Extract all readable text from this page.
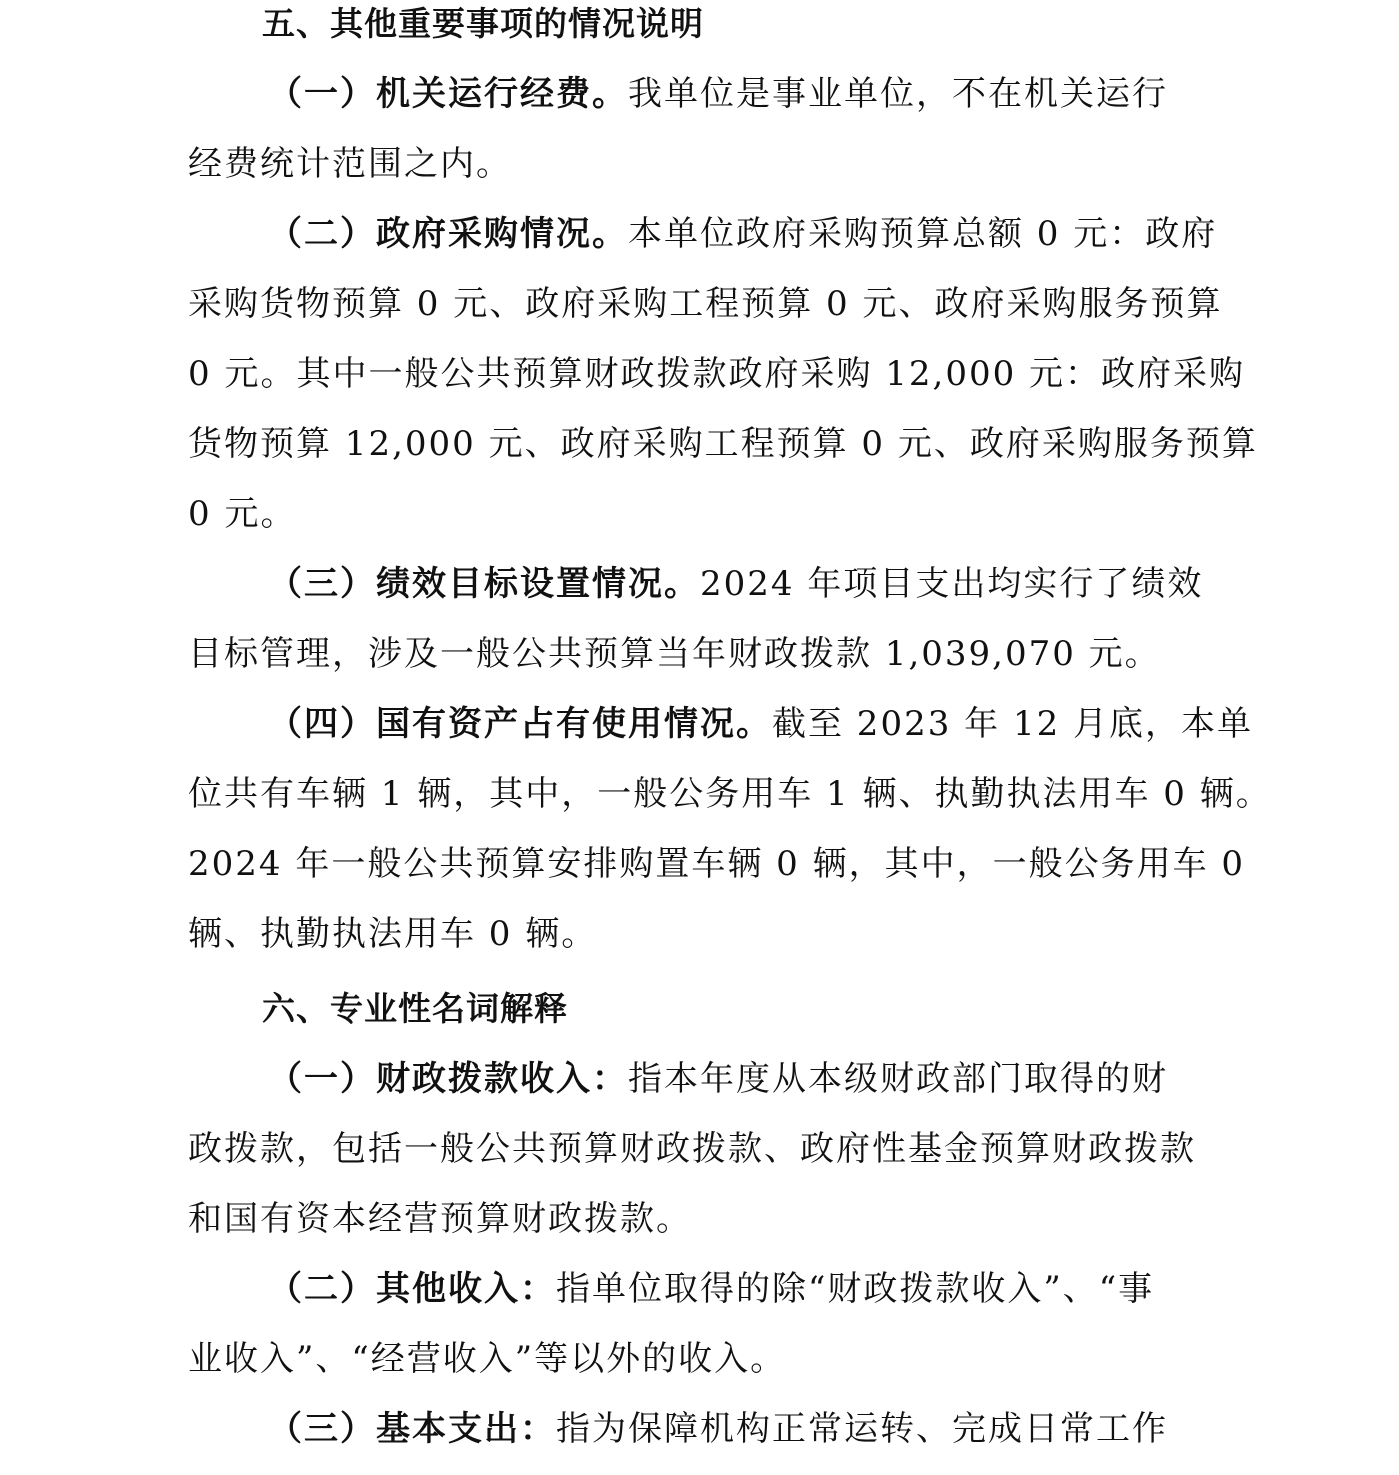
五、其他重要事项的情况说明
（一）机关运行经费。我单位是事业单位，不在机关运行
经费统计范围之内。
（二）政府采购情况。本单位政府采购预算总额 0 元：政府
采购货物预算 0 元、政府采购工程预算 0 元、政府采购服务预算
0 元。其中一般公共预算财政拨款政府采购 12,000 元：政府采购
货物预算 12,000 元、政府采购工程预算 0 元、政府采购服务预算
0 元。
（三）绩效目标设置情况。2024 年项目支出均实行了绩效
目标管理，涉及一般公共预算当年财政拨款 1,039,070 元。
（四）国有资产占有使用情况。截至 2023 年 12 月底，本单
位共有车辆 1 辆，其中，一般公务用车 1 辆、执勤执法用车 0 辆。
2024 年一般公共预算安排购置车辆 0 辆，其中，一般公务用车 0
辆、执勤执法用车 0 辆。
六、专业性名词解释
（一）财政拨款收入：指本年度从本级财政部门取得的财
政拨款，包括一般公共预算财政拨款、政府性基金预算财政拨款
和国有资本经营预算财政拨款。
（二）其他收入：指单位取得的除“财政拨款收入”、“事
业收入”、“经营收入”等以外的收入。
（三）基本支出：指为保障机构正常运转、完成日常工作
